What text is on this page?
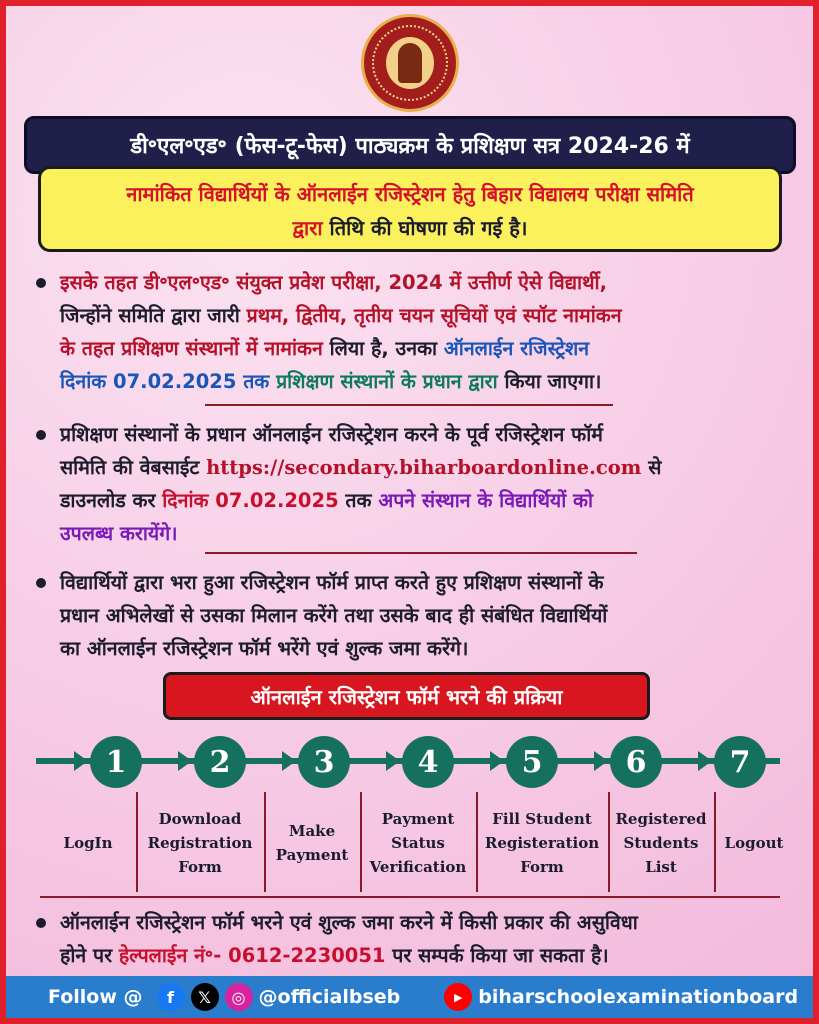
डी॰एल॰एड॰ (फेस-टू-फेस) पाठ्यक्रम के प्रशिक्षण सत्र 2024-26 में
नामांकित विद्यार्थियों के ऑनलाईन रजिस्ट्रेशन हेतु बिहार विद्यालय परीक्षा समिति
द्वारा तिथि की घोषणा की गई है।
इसके तहत डी॰एल॰एड॰ संयुक्त प्रवेश परीक्षा, 2024 में उत्तीर्ण ऐसे विद्यार्थी,
जिन्होंने समिति द्वारा जारी प्रथम, द्वितीय, तृतीय चयन सूचियों एवं स्पॉट नामांकन
के तहत प्रशिक्षण संस्थानों में नामांकन लिया है, उनका ऑनलाईन रजिस्ट्रेशन
दिनांक 07.02.2025 तक प्रशिक्षण संस्थानों के प्रधान द्वारा किया जाएगा।
प्रशिक्षण संस्थानों के प्रधान ऑनलाईन रजिस्ट्रेशन करने के पूर्व रजिस्ट्रेशन फॉर्म
समिति की वेबसाईट https://secondary.biharboardonline.com से
डाउनलोड कर दिनांक 07.02.2025 तक अपने संस्थान के विद्यार्थियों को
उपलब्ध करायेंगे।
विद्यार्थियों द्वारा भरा हुआ रजिस्ट्रेशन फॉर्म प्राप्त करते हुए प्रशिक्षण संस्थानों के
प्रधान अभिलेखों से उसका मिलान करेंगे तथा उसके बाद ही संबंधित विद्यार्थियों
का ऑनलाईन रजिस्ट्रेशन फॉर्म भरेंगे एवं शुल्क जमा करेंगे।
ऑनलाईन रजिस्ट्रेशन फॉर्म भरने की प्रक्रिया
1
LogIn
2
Download Registration Form
3
Make Payment
4
Payment Status Verification
5
Fill Student Registeration Form
6
Registered Students List
7
Logout
ऑनलाईन रजिस्ट्रेशन फॉर्म भरने एवं शुल्क जमा करने में किसी प्रकार की असुविधा
होने पर हेल्पलाईन नं॰- 0612-2230051 पर सम्पर्क किया जा सकता है।
Follow @	f	𝕏	◎ @officialbseb	▶ biharschoolexaminationboard
